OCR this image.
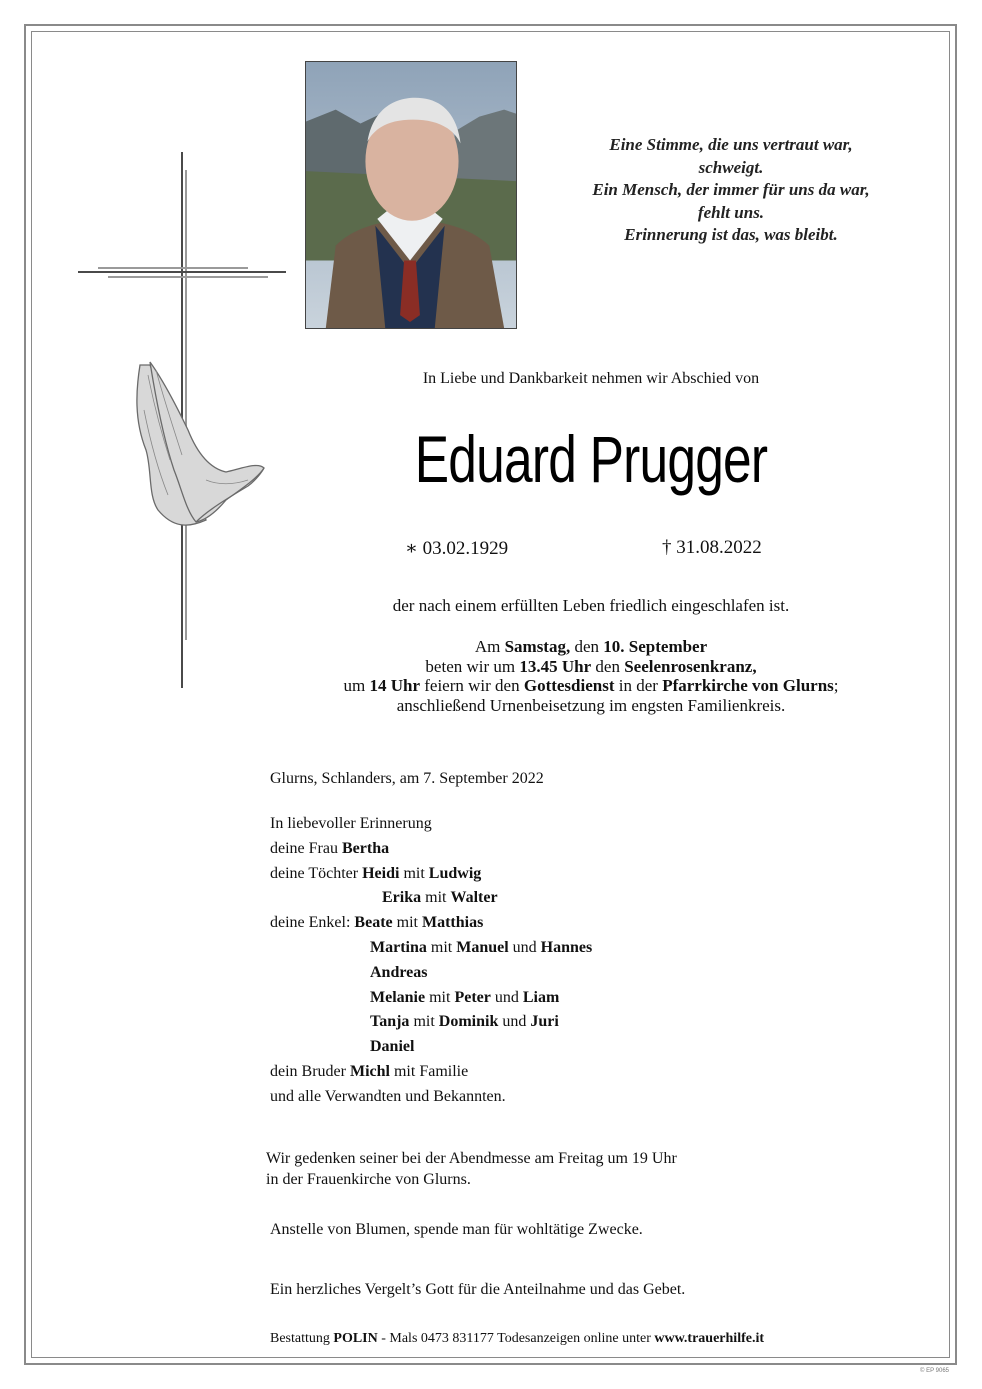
Eine Stimme, die uns vertraut war,
schweigt.
Ein Mensch, der immer für uns da war,
fehlt uns.
Erinnerung ist das, was bleibt.
In Liebe und Dankbarkeit nehmen wir Abschied von
Eduard Prugger
∗ 03.02.1929	† 31.08.2022
der nach einem erfüllten Leben friedlich eingeschlafen ist.
Am Samstag, den 10. September
beten wir um 13.45 Uhr den Seelenrosenkranz,
um 14 Uhr feiern wir den Gottesdienst in der Pfarrkirche von Glurns;
anschließend Urnenbeisetzung im engsten Familienkreis.
Glurns, Schlanders, am 7. September 2022
In liebevoller Erinnerung
deine Frau Bertha
deine Töchter Heidi mit Ludwig
Erika mit Walter
deine Enkel: Beate mit Matthias
Martina mit Manuel und Hannes
Andreas
Melanie mit Peter und Liam
Tanja mit Dominik und Juri
Daniel
dein Bruder Michl mit Familie
und alle Verwandten und Bekannten.
Wir gedenken seiner bei der Abendmesse am Freitag um 19 Uhr
in der Frauenkirche von Glurns.
Anstelle von Blumen, spende man für wohltätige Zwecke.
Ein herzliches Vergelt’s Gott für die Anteilnahme und das Gebet.
Bestattung POLIN - Mals 0473 831177 Todesanzeigen online unter www.trauerhilfe.it
© EP 9065
